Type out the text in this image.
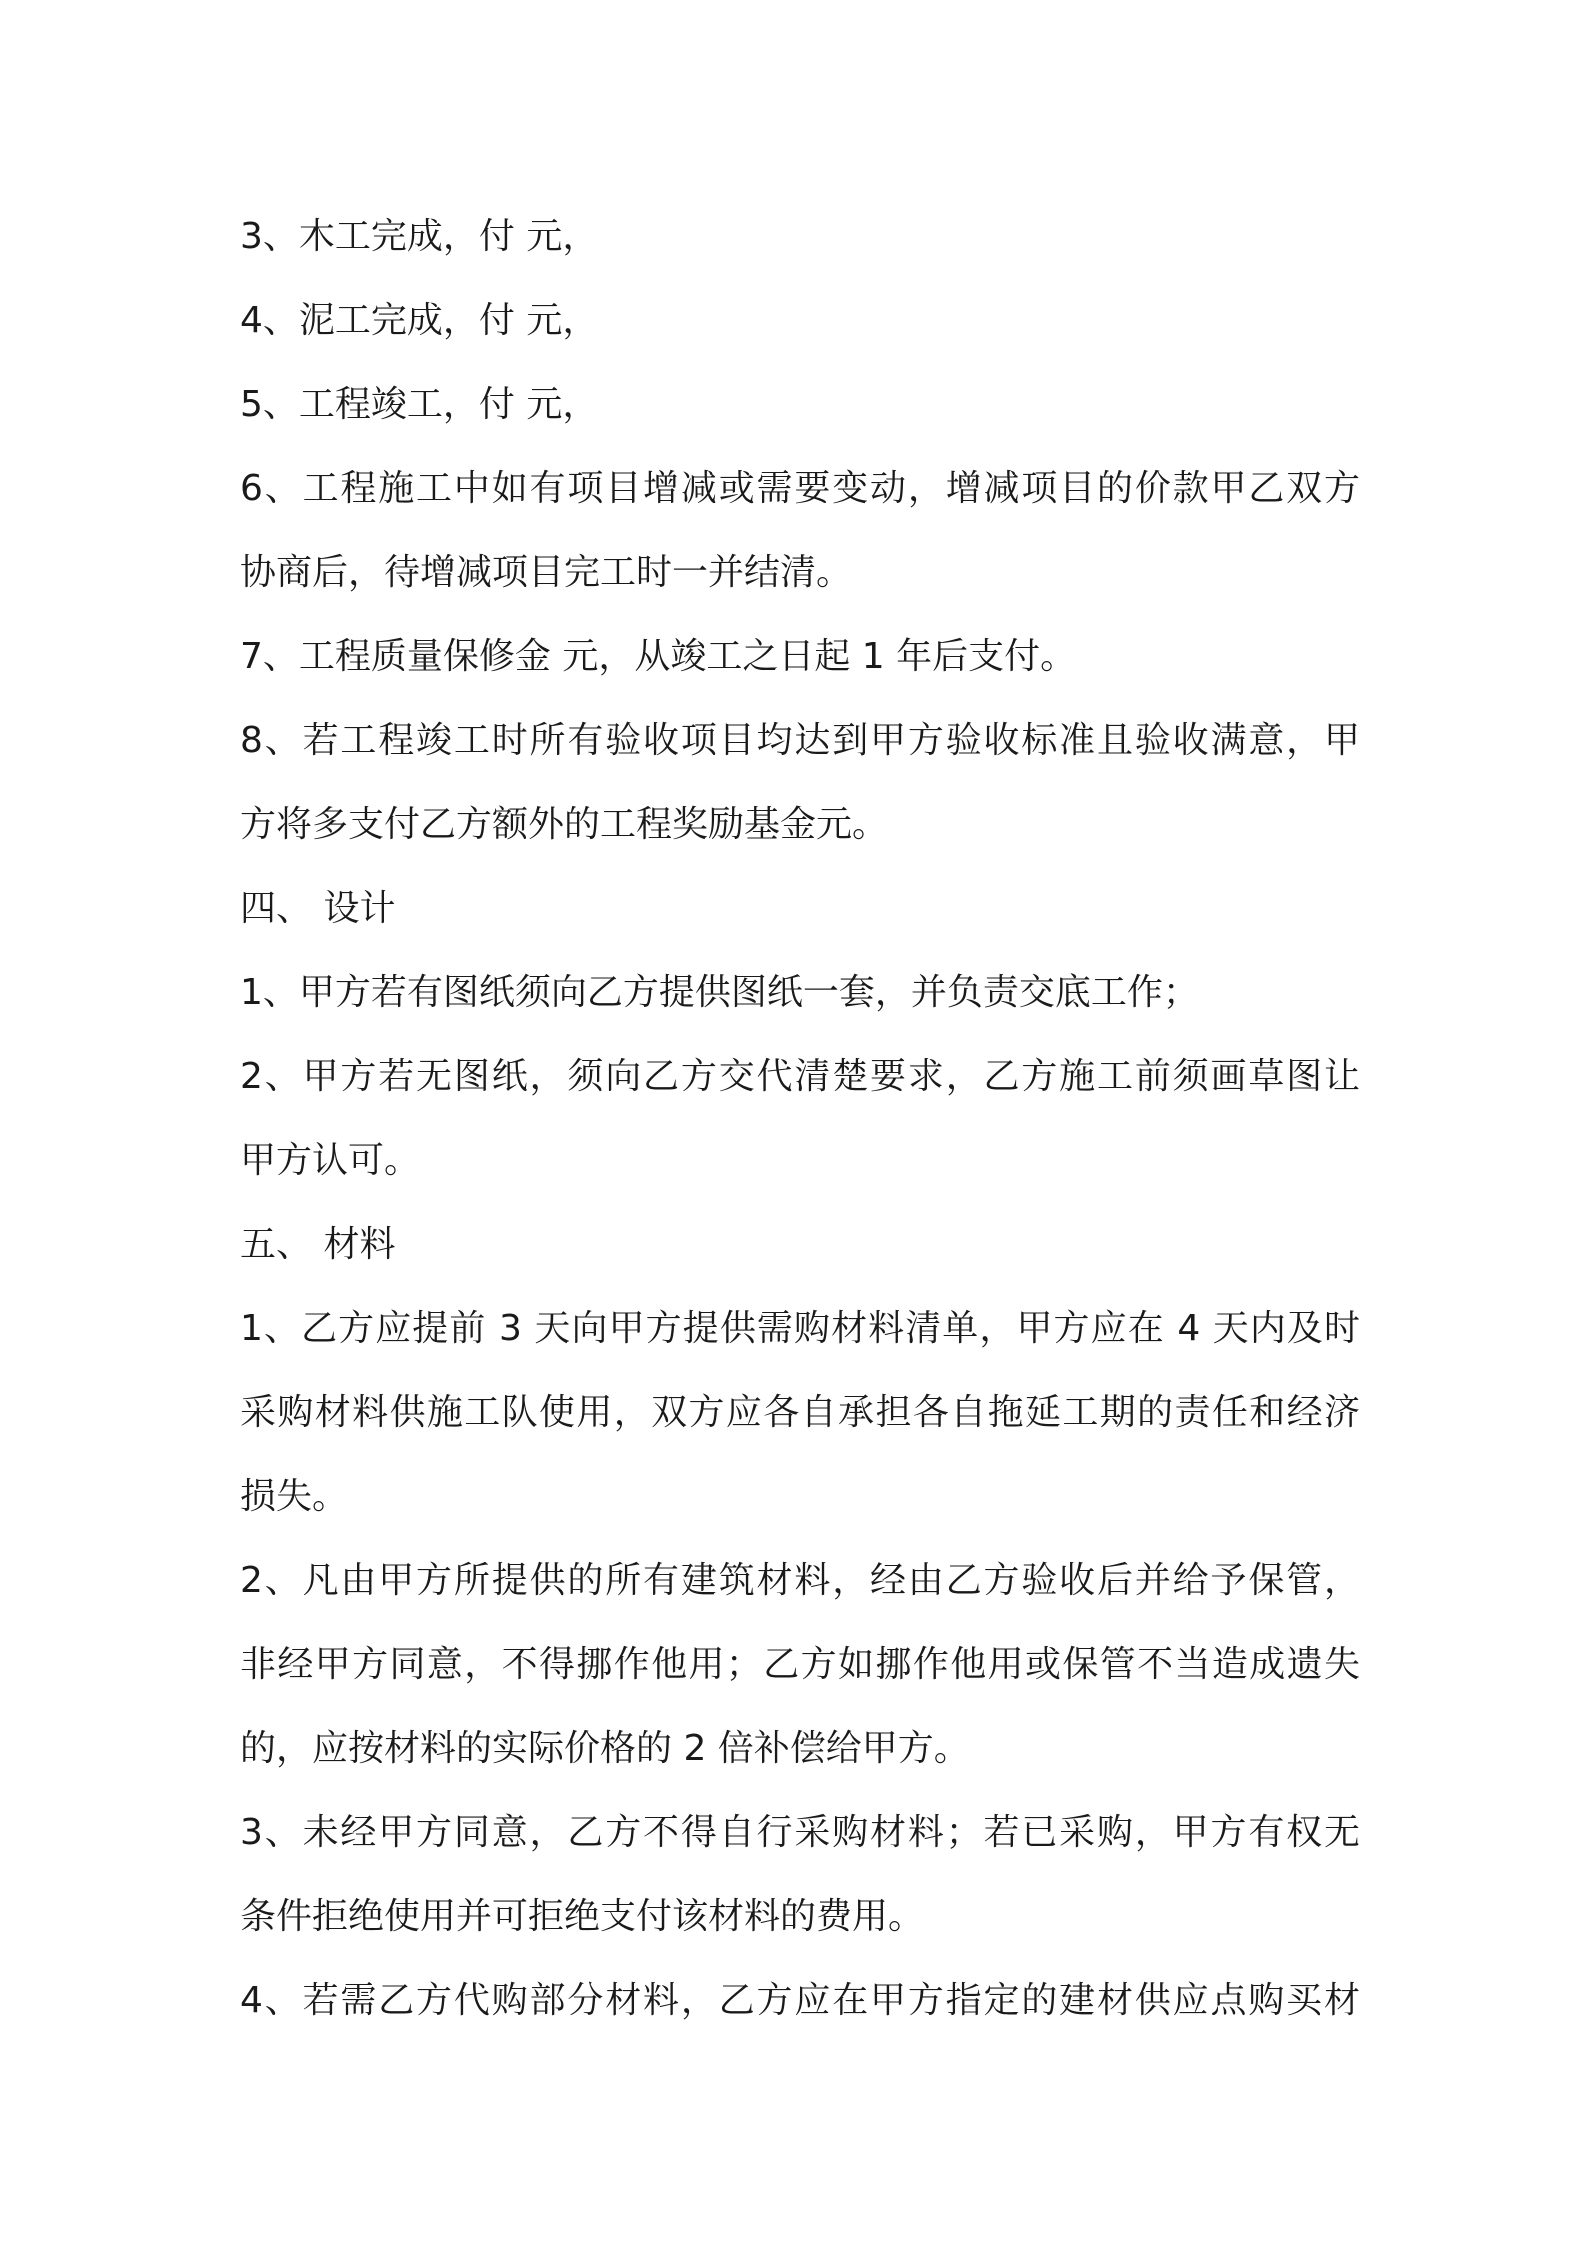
3、木工完成，付 元，
4、泥工完成，付 元，
5、工程竣工，付 元，
6、工程施工中如有项目增减或需要变动，增减项目的价款甲乙双方
协商后，待增减项目完工时一并结清。
7、工程质量保修金 元，从竣工之日起 1 年后支付。
8、若工程竣工时所有验收项目均达到甲方验收标准且验收满意，甲
方将多支付乙方额外的工程奖励基金元。
四、 设计
1、甲方若有图纸须向乙方提供图纸一套，并负责交底工作；
2、甲方若无图纸，须向乙方交代清楚要求，乙方施工前须画草图让
甲方认可。
五、 材料
1、乙方应提前 3 天向甲方提供需购材料清单，甲方应在 4 天内及时
采购材料供施工队使用，双方应各自承担各自拖延工期的责任和经济
损失。
2、凡由甲方所提供的所有建筑材料，经由乙方验收后并给予保管，
非经甲方同意，不得挪作他用；乙方如挪作他用或保管不当造成遗失
的，应按材料的实际价格的 2 倍补偿给甲方。
3、未经甲方同意，乙方不得自行采购材料；若已采购，甲方有权无
条件拒绝使用并可拒绝支付该材料的费用。
4、若需乙方代购部分材料，乙方应在甲方指定的建材供应点购买材
